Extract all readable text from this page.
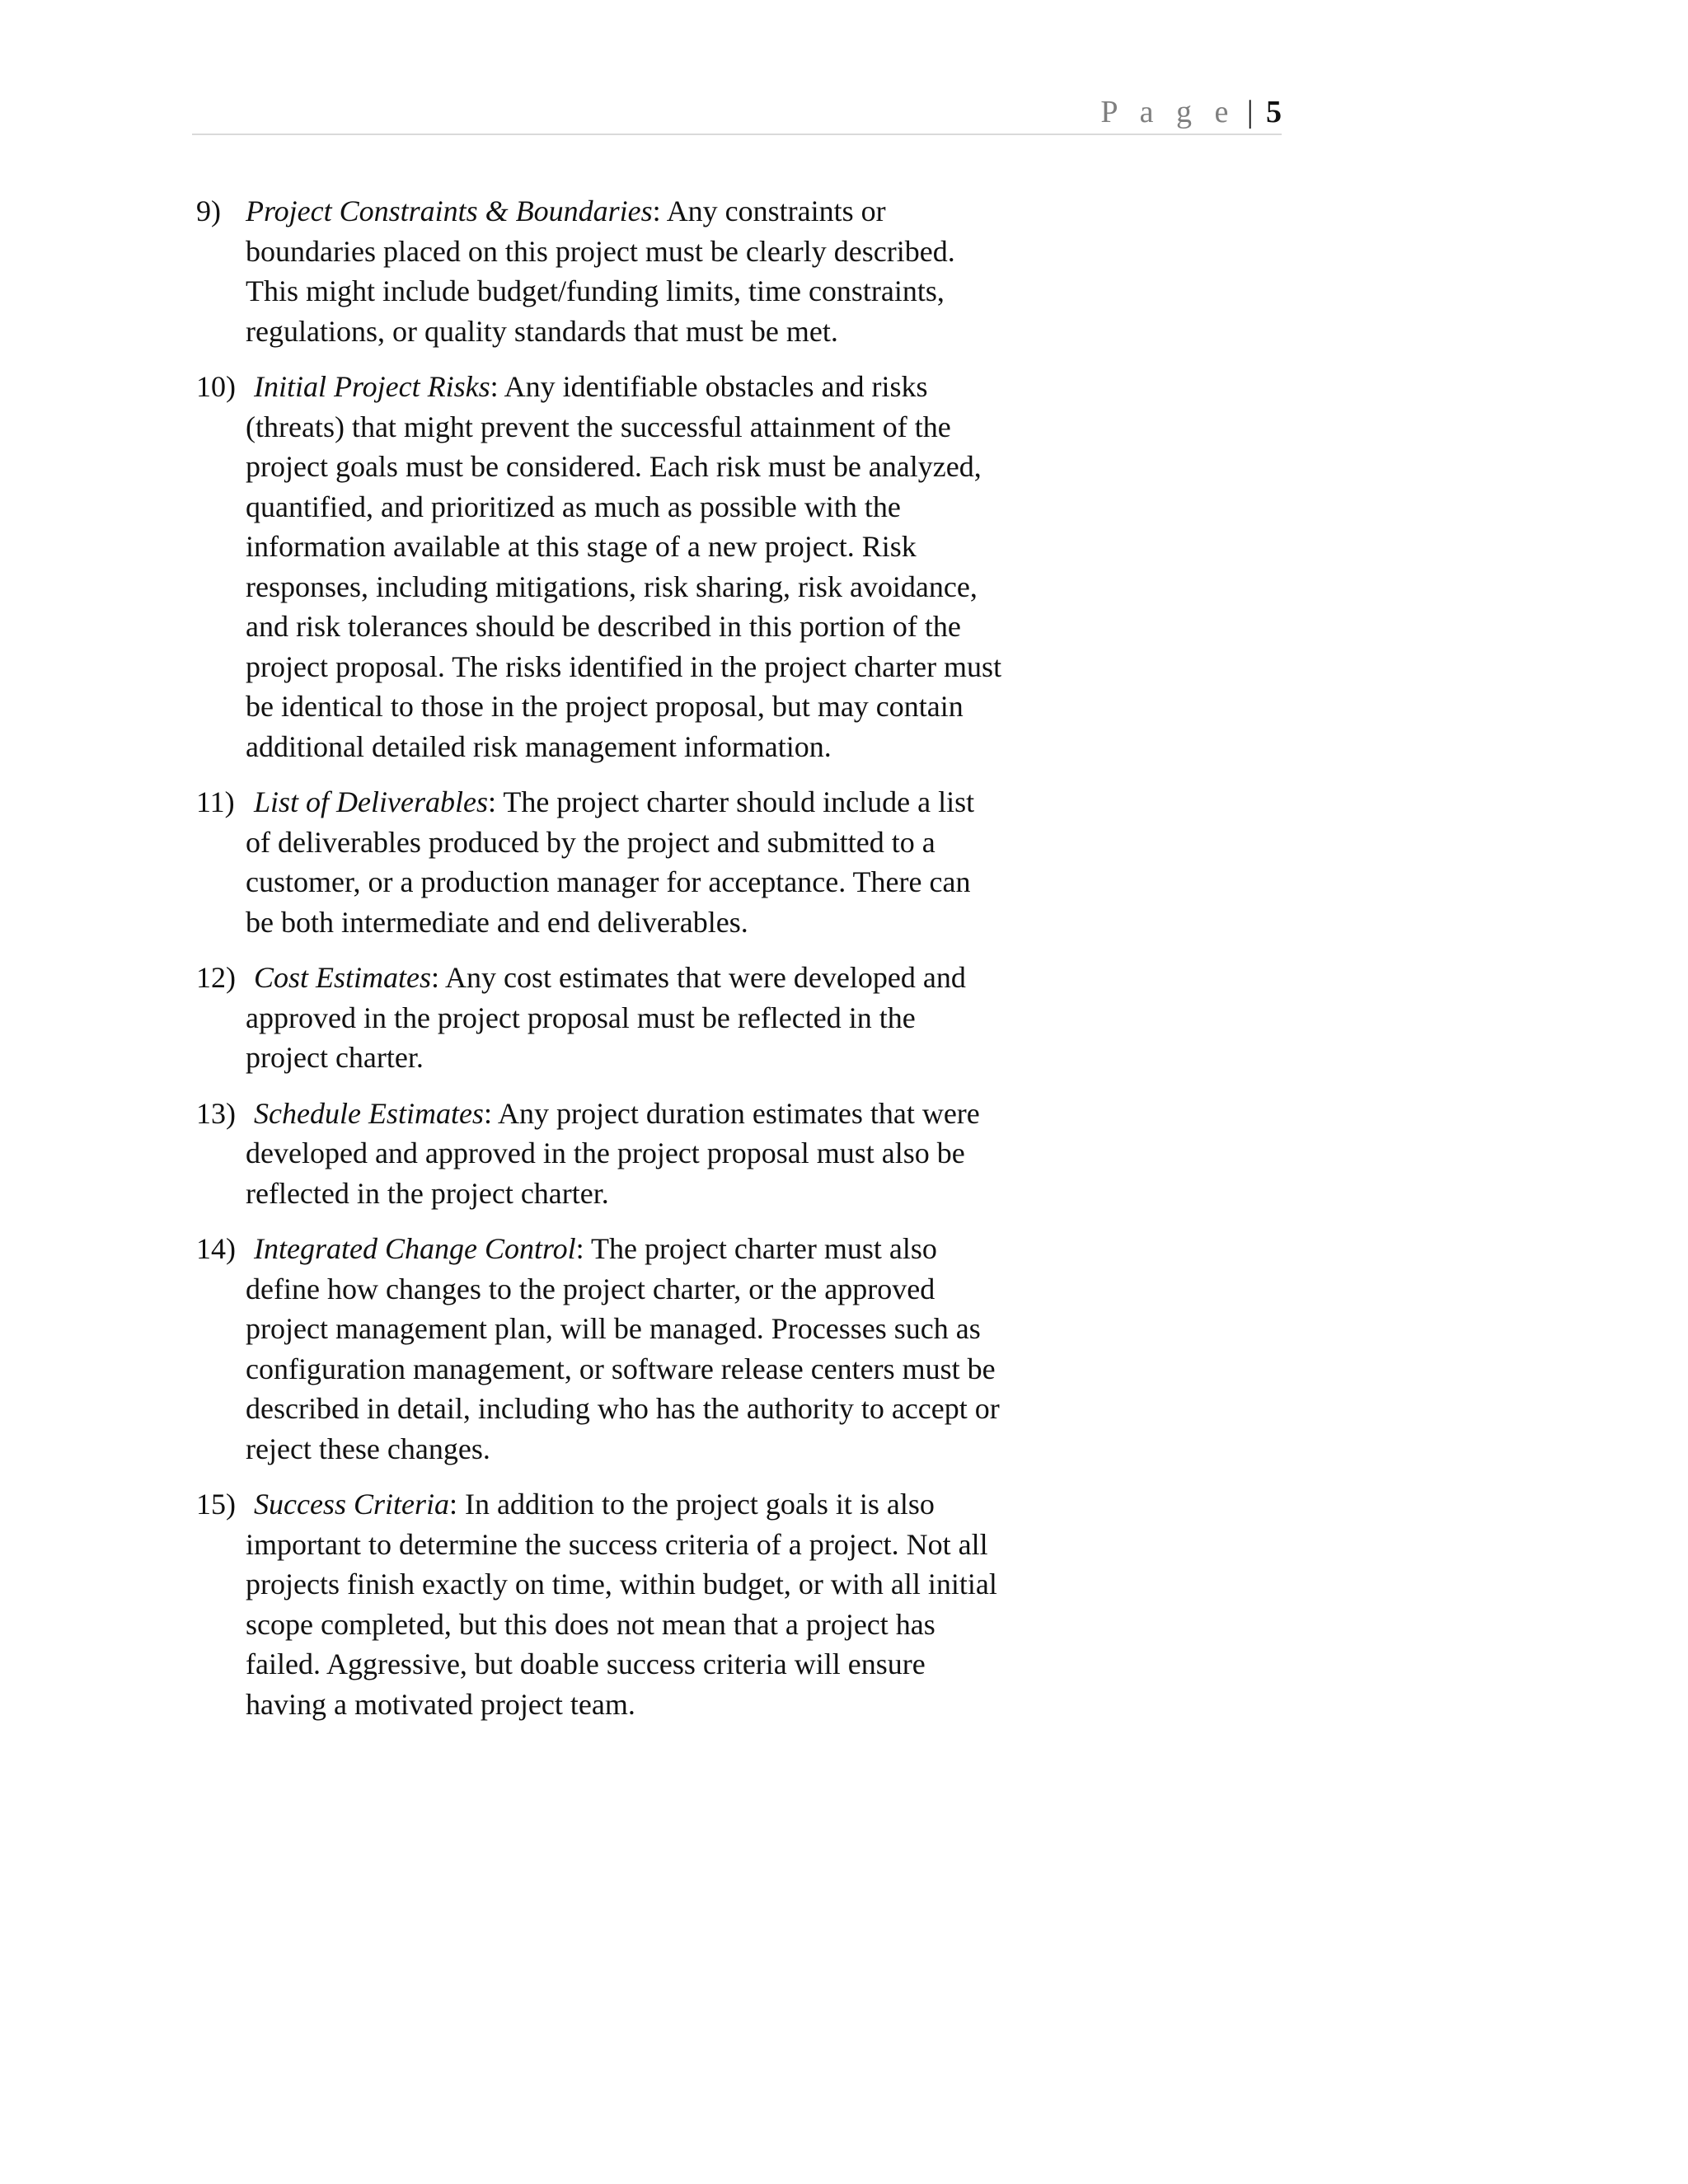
P a g e | 5
9) Project Constraints & Boundaries: Any constraints or boundaries placed on this project must be clearly described. This might include budget/funding limits, time constraints, regulations, or quality standards that must be met.
10) Initial Project Risks: Any identifiable obstacles and risks (threats) that might prevent the successful attainment of the project goals must be considered. Each risk must be analyzed, quantified, and prioritized as much as possible with the information available at this stage of a new project. Risk responses, including mitigations, risk sharing, risk avoidance, and risk tolerances should be described in this portion of the project proposal. The risks identified in the project charter must be identical to those in the project proposal, but may contain additional detailed risk management information.
11) List of Deliverables: The project charter should include a list of deliverables produced by the project and submitted to a customer, or a production manager for acceptance. There can be both intermediate and end deliverables.
12) Cost Estimates: Any cost estimates that were developed and approved in the project proposal must be reflected in the project charter.
13) Schedule Estimates: Any project duration estimates that were developed and approved in the project proposal must also be reflected in the project charter.
14) Integrated Change Control: The project charter must also define how changes to the project charter, or the approved project management plan, will be managed. Processes such as configuration management, or software release centers must be described in detail, including who has the authority to accept or reject these changes.
15) Success Criteria: In addition to the project goals it is also important to determine the success criteria of a project. Not all projects finish exactly on time, within budget, or with all initial scope completed, but this does not mean that a project has failed. Aggressive, but doable success criteria will ensure having a motivated project team.
